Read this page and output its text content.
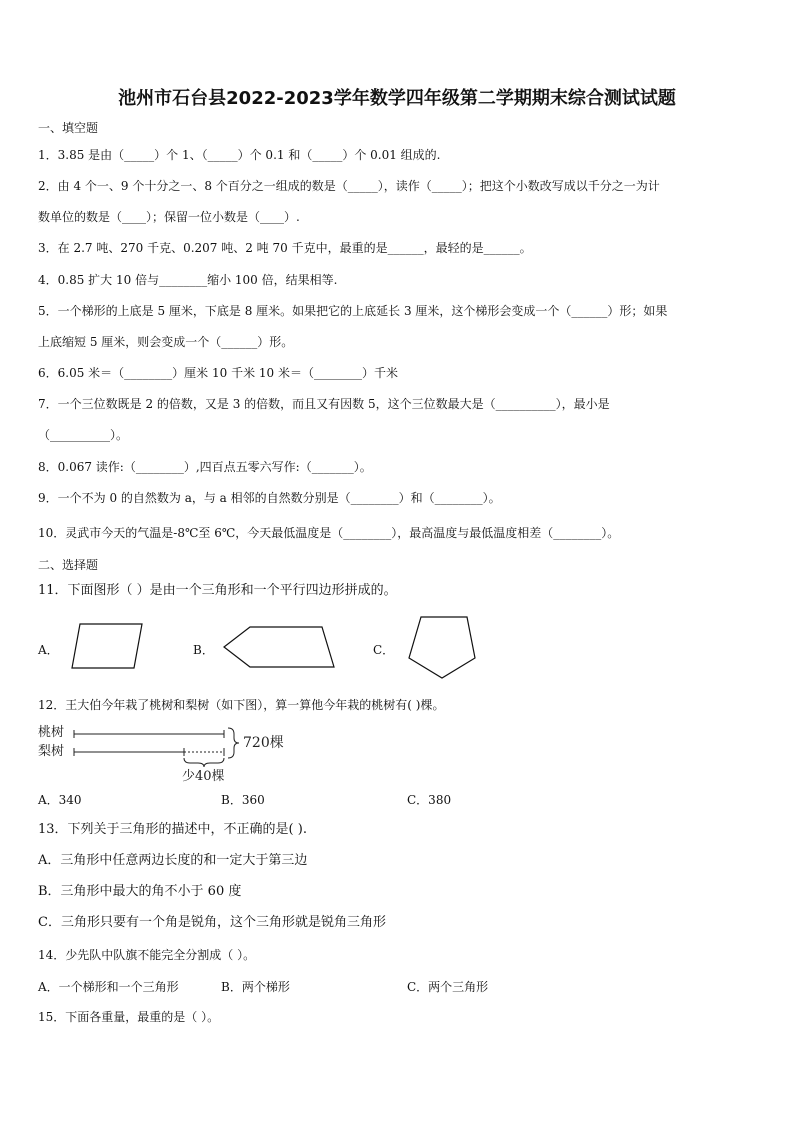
池州市石台县2022-2023学年数学四年级第二学期期末综合测试试题
一、填空题
1．3.85 是由（_____）个 1、（_____）个 0.1 和（_____）个 0.01 组成的.
2．由 4 个一、9 个十分之一、8 个百分之一组成的数是（_____），读作（_____）；把这个小数改写成以千分之一为计
数单位的数是（____）；保留一位小数是（____）.
3．在 2.7 吨、270 千克、0.207 吨、2 吨 70 千克中，最重的是______，最轻的是______。
4．0.85 扩大 10 倍与________缩小 100 倍，结果相等.
5．一个梯形的上底是 5 厘米，下底是 8 厘米。如果把它的上底延长 3 厘米，这个梯形会变成一个（______）形；如果
上底缩短 5 厘米，则会变成一个（______）形。
6．6.05 米＝（________）厘米 10 千米 10 米＝（________）千米
7．一个三位数既是 2 的倍数，又是 3 的倍数，而且又有因数 5，这个三位数最大是（__________），最小是
（__________）。
8．0.067 读作:（________）,四百点五零六写作:（_______）。
9．一个不为 0 的自然数为 a，与 a 相邻的自然数分别是（________）和（________）。
10．灵武市今天的气温是-8℃至 6℃，今天最低温度是（________），最高温度与最低温度相差（________）。
二、选择题
11．下面图形（ ）是由一个三角形和一个平行四边形拼成的。
A．	B．	C．
12．王大伯今年栽了桃树和梨树（如下图），算一算他今年栽的桃树有( )棵。
桃树
梨树
720棵
少40棵
A．340	B．360	C．380
13．下列关于三角形的描述中，不正确的是( ).
A．三角形中任意两边长度的和一定大于第三边
B．三角形中最大的角不小于 60 度
C．三角形只要有一个角是锐角，这个三角形就是锐角三角形
14．少先队中队旗不能完全分割成（ ）。
A．一个梯形和一个三角形	B．两个梯形	C．两个三角形
15．下面各重量，最重的是（ ）。
